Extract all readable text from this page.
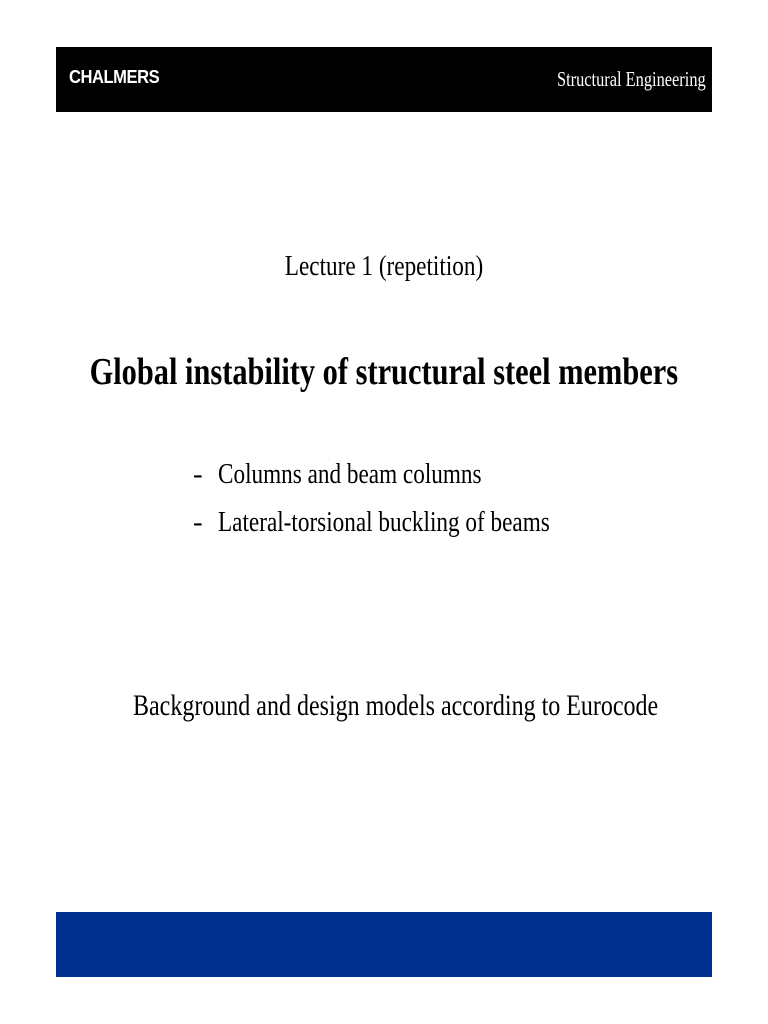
CHALMERS	Structural Engineering
Lecture 1 (repetition)
Global instability of structural steel members
- Columns and beam columns
- Lateral-torsional buckling of beams
Background and design models according to Eurocode
